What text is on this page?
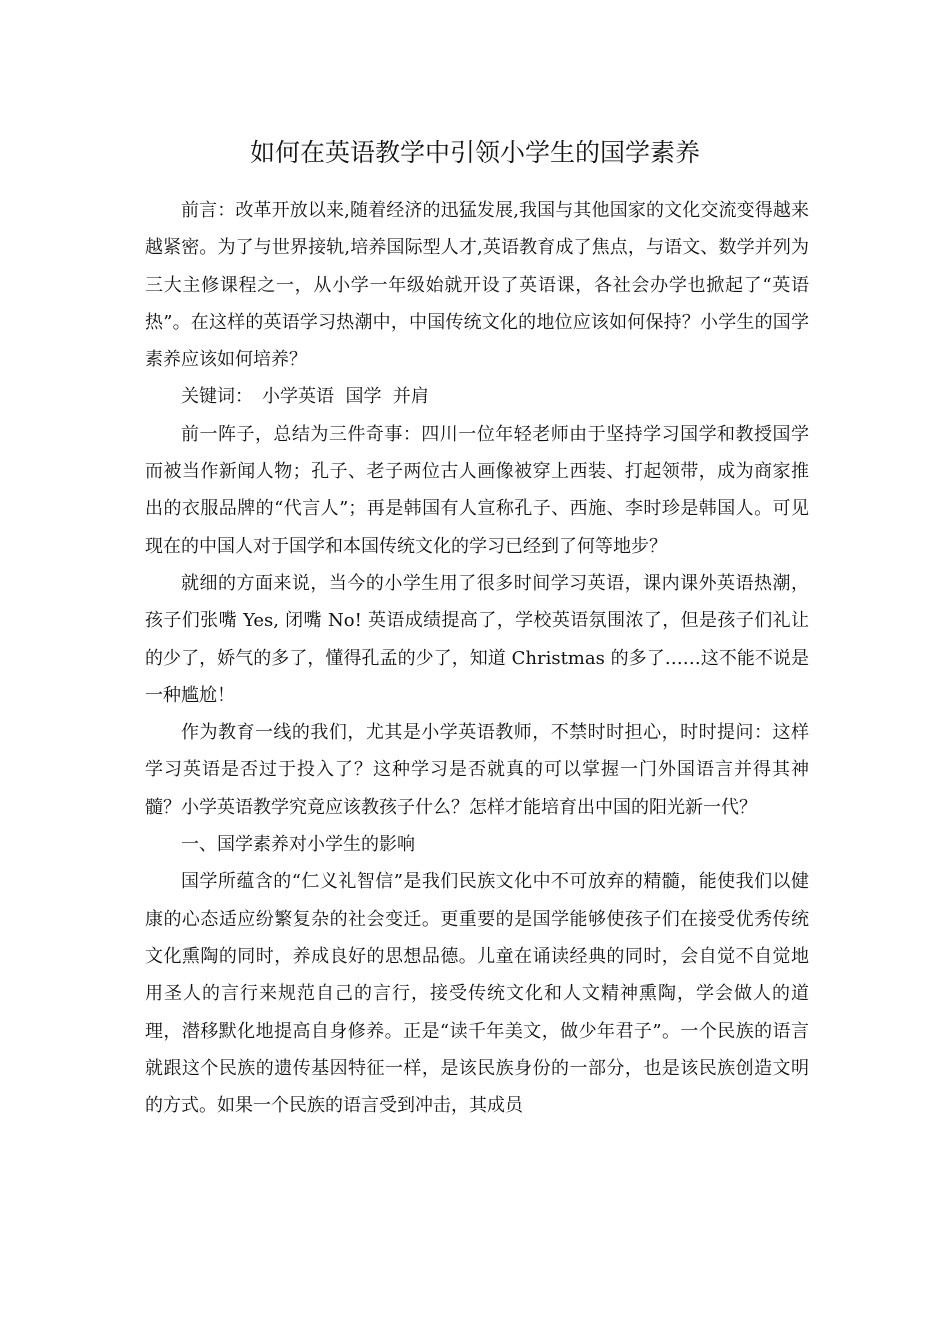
如何在英语教学中引领小学生的国学素养

前言：改革开放以来,随着经济的迅猛发展,我国与其他国家的文化交流变得越来越紧密。为了与世界接轨,培养国际型人才,英语教育成了焦点，与语文、数学并列为三大主修课程之一，从小学一年级始就开设了英语课，各社会办学也掀起了“英语热”。在这样的英语学习热潮中，中国传统文化的地位应该如何保持？小学生的国学素养应该如何培养？

关键词：　小学英语  国学  并肩

前一阵子，总结为三件奇事：四川一位年轻老师由于坚持学习国学和教授国学而被当作新闻人物；孔子、老子两位古人画像被穿上西装、打起领带，成为商家推出的衣服品牌的“代言人”；再是韩国有人宣称孔子、西施、李时珍是韩国人。可见现在的中国人对于国学和本国传统文化的学习已经到了何等地步？

就细的方面来说，当今的小学生用了很多时间学习英语，课内课外英语热潮，孩子们张嘴 Yes, 闭嘴 No! 英语成绩提高了，学校英语氛围浓了，但是孩子们礼让的少了，娇气的多了，懂得孔孟的少了，知道 Christmas 的多了……这不能不说是一种尴尬！

作为教育一线的我们，尤其是小学英语教师，不禁时时担心，时时提问：这样学习英语是否过于投入了？这种学习是否就真的可以掌握一门外国语言并得其神髓？小学英语教学究竟应该教孩子什么？怎样才能培育出中国的阳光新一代？

一、国学素养对小学生的影响

国学所蕴含的“仁义礼智信”是我们民族文化中不可放弃的精髓，能使我们以健康的心态适应纷繁复杂的社会变迁。更重要的是国学能够使孩子们在接受优秀传统文化熏陶的同时，养成良好的思想品德。儿童在诵读经典的同时，会自觉不自觉地用圣人的言行来规范自己的言行，接受传统文化和人文精神熏陶，学会做人的道理，潜移默化地提高自身修养。正是“读千年美文，做少年君子”。一个民族的语言就跟这个民族的遗传基因特征一样，是该民族身份的一部分，也是该民族创造文明的方式。如果一个民族的语言受到冲击，其成员
